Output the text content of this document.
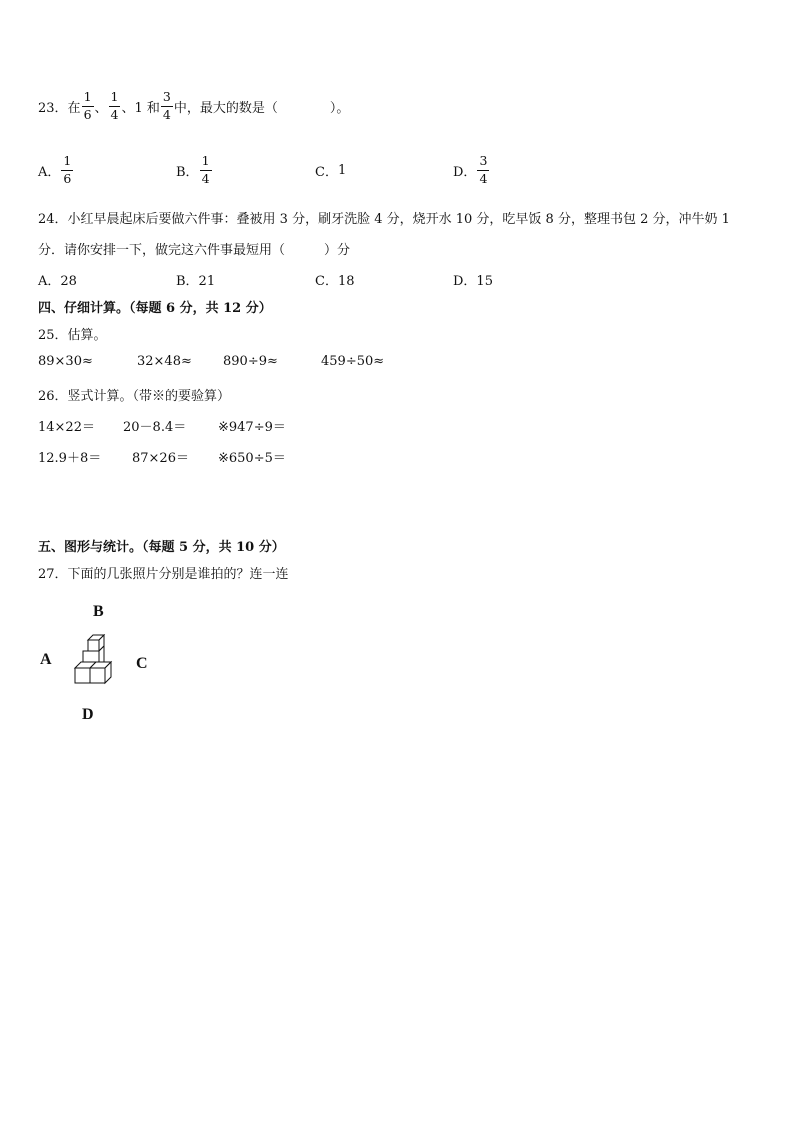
23． 在 $\frac{1}{6}$ 、 $\frac{1}{4}$ 、1 和 $\frac{3}{4}$ 中，最大的数是（　　　　）。
A． $\frac{1}{6}$	B． $\frac{1}{4}$	C． 1	D． $\frac{3}{4}$
24．小红早晨起床后要做六件事：叠被用 3 分，刷牙洗脸 4 分，烧开水 10 分，吃早饭 8 分，整理书包 2 分，冲牛奶 1
分．请你安排一下，做完这六件事最短用（　　　）分
A．28	B．21	C．18	D．15
四、仔细计算。（每题 6 分，共 12 分）
25．估算。
89×30≈	32×48≈ 890÷9≈	459÷50≈
26．竖式计算。（带※的要验算）
14×22＝ 20－8.4＝ ※947÷9＝
12.9＋8＝ 87×26＝ ※650÷5＝
五、图形与统计。（每题 5 分，共 10 分）
27．下面的几张照片分别是谁拍的？连一连
B
A	C
D
